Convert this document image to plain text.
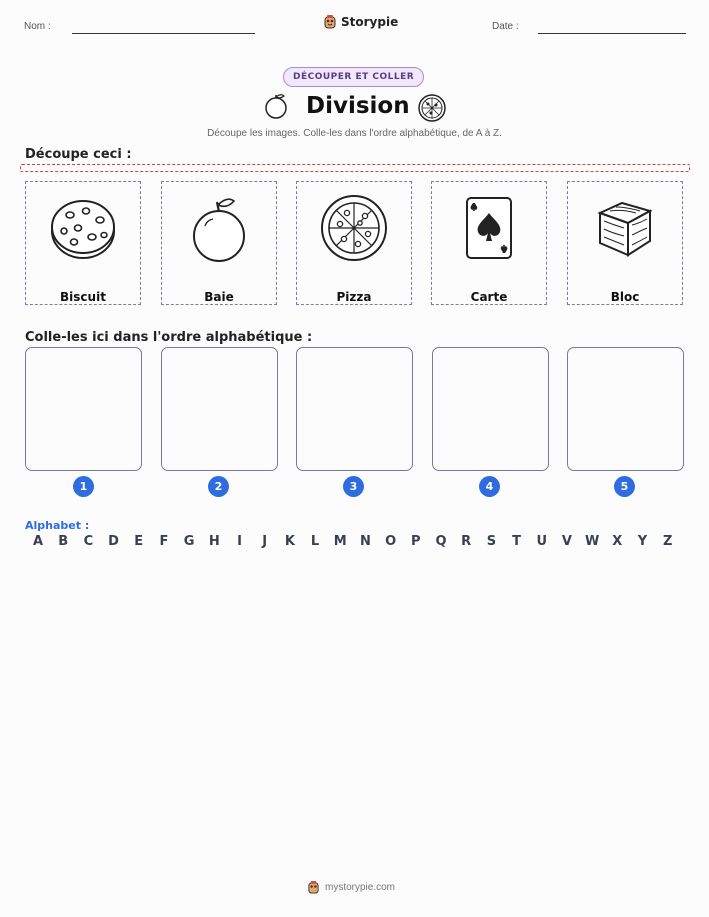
Nom :	Storypie	Date :
DÉCOUPER ET COLLER
Division
Découpe les images. Colle-les dans l'ordre alphabétique, de A à Z.
Découpe ceci :
Biscuit	Baie	Pizza	Carte	Bloc
Colle-les ici dans l'ordre alphabétique :
1	2	3	4	5
Alphabet :
A	B	C	D	E	F	G	H	I	J	K	L	M	N	O	P	Q	R	S	T	U	V W	X	Y	Z
mystorypie.com
